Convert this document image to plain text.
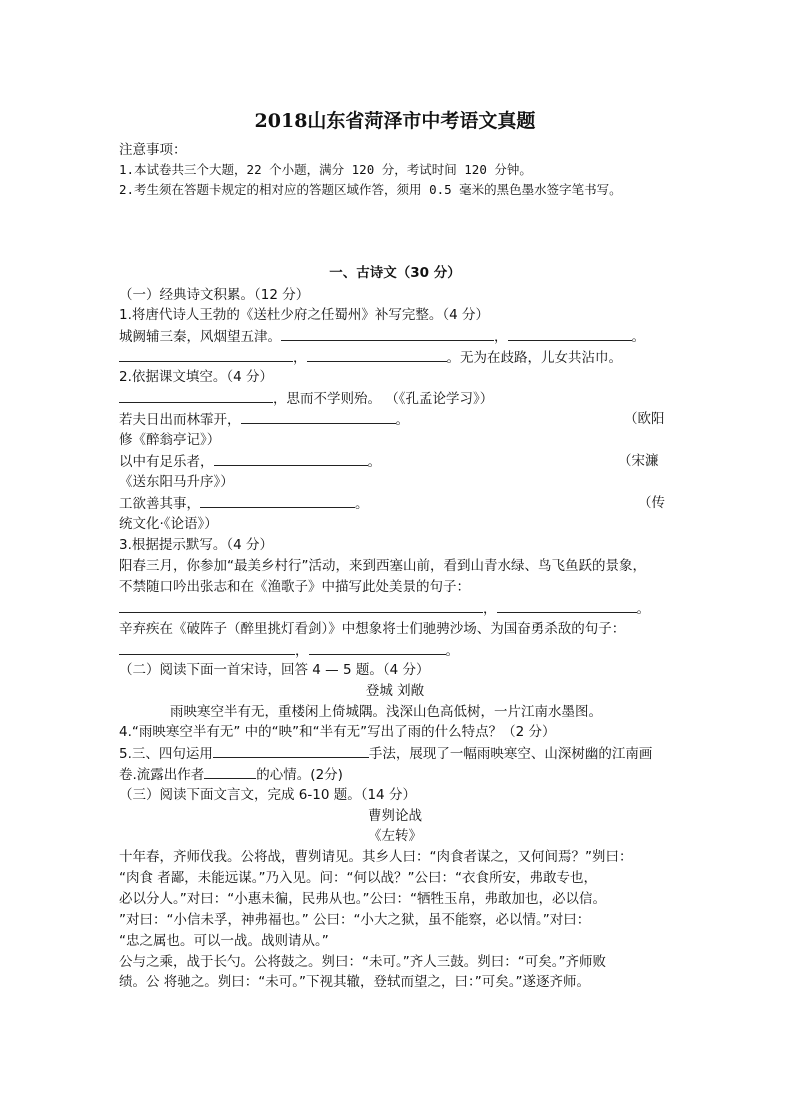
2018山东省菏泽市中考语文真题
注意事项：
1.本试卷共三个大题，22 个小题，满分 120 分，考试时间 120 分钟。
2.考生须在答题卡规定的相对应的答题区域作答，须用 0.5 毫米的黑色墨水签字笔书写。
一、古诗文（30 分）
（一）经典诗文积累。（12 分）
1.将唐代诗人王勃的《送杜少府之任蜀州》补写完整。（4 分）
城阙辅三秦，风烟望五津。	，	。
，	。无为在歧路，儿女共沾巾。
2.依据课文填空。（4 分）
，思而不学则殆。 （《孔孟论学习》）
若夫日出而林霏开，	。	（欧阳
修《醉翁亭记》）
以中有足乐者，	。	（宋濂
《送东阳马升序》）
工欲善其事，	。	（传
统文化·《论语》）
3.根据提示默写。（4 分）
阳春三月，你参加“最美乡村行”活动，来到西塞山前，看到山青水绿、鸟飞鱼跃的景象，
不禁随口吟出张志和在《渔歌子》中描写此处美景的句子：
，	。
辛弃疾在《破阵子（醉里挑灯看剑）》中想象将士们驰骋沙场、为国奋勇杀敌的句子：
，	。
（二）阅读下面一首宋诗，回答 4 — 5 题。（4 分）
登城 刘敞
雨映寒空半有无，重楼闲上倚城隅。浅深山色高低树，一片江南水墨图。
4.“雨映寒空半有无” 中的“映”和“半有无”写出了雨的什么特点？（2 分）
5.三、四句运用	手法，展现了一幅雨映寒空、山深树幽的江南画
卷.流露出作者	的心情。(2分)
（三）阅读下面文言文，完成 6-10 题。（14 分）
曹刿论战
《左转》
十年春，齐师伐我。公将战，曹刿请见。其乡人曰：“肉食者谋之，又何间焉？”刿曰：
“肉食 者鄙，未能远谋。”乃入见。问：“何以战？”公曰：“衣食所安，弗敢专也，
必以分人。”对曰：“小惠未徧，民弗从也。”公曰：“牺牲玉帛，弗敢加也，必以信。
”对曰：“小信未孚，神弗福也。” 公曰：“小大之狱，虽不能察，必以情。”对曰：
“忠之属也。可以一战。战则请从。”
公与之乘，战于长勺。公将鼓之。刿曰：“未可。”齐人三鼓。刿曰：“可矣。”齐师败
绩。公 将驰之。刿曰：“未可。”下视其辙，登轼而望之，曰：”可矣。”遂逐齐师。
